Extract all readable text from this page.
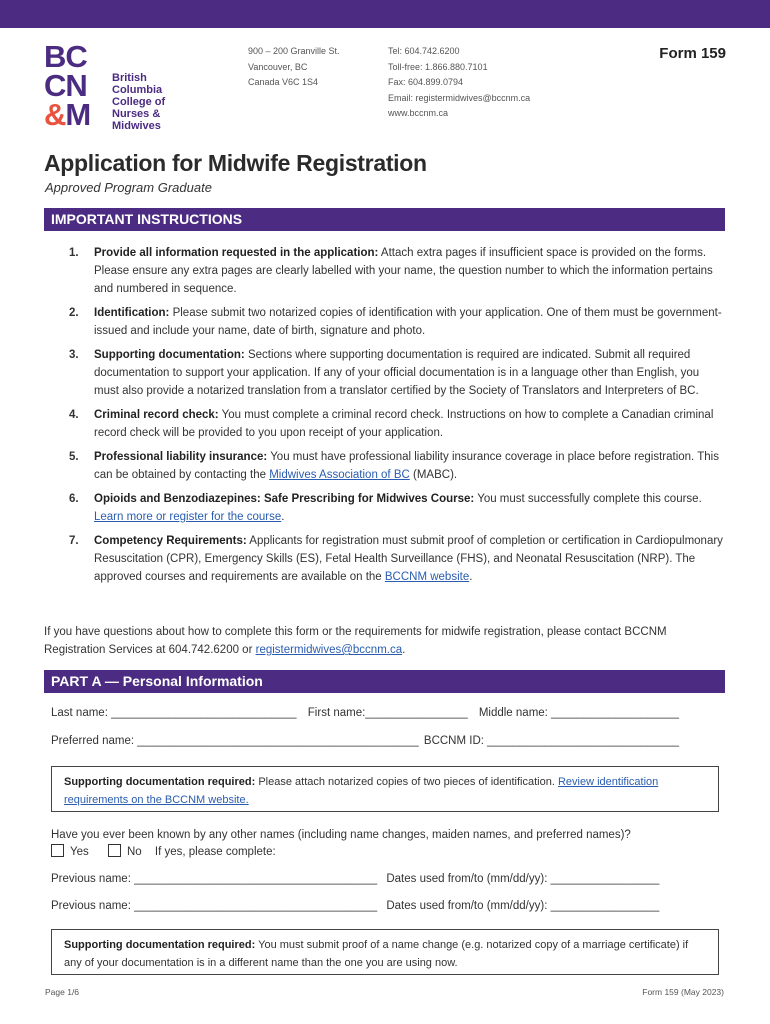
BC
CN
&M
British
Columbia
College of
Nurses &
Midwives
900 – 200 Granville St.
Vancouver, BC
Canada V6C 1S4
Tel: 604.742.6200
Toll-free: 1.866.880.7101
Fax: 604.899.0794
Email: registermidwives@bccnm.ca
www.bccnm.ca
Form 159
Application for Midwife Registration
Approved Program Graduate
IMPORTANT INSTRUCTIONS
1. Provide all information requested in the application: Attach extra pages if insufficient space is provided on the forms. Please ensure any extra pages are clearly labelled with your name, the question number to which the information pertains and numbered in sequence.
2. Identification: Please submit two notarized copies of identification with your application. One of them must be government-issued and include your name, date of birth, signature and photo.
3. Supporting documentation: Sections where supporting documentation is required are indicated. Submit all required documentation to support your application. If any of your official documentation is in a language other than English, you must also provide a notarized translation from a translator certified by the Society of Translators and Interpreters of BC.
4. Criminal record check: You must complete a criminal record check. Instructions on how to complete a Canadian criminal record check will be provided to you upon receipt of your application.
5. Professional liability insurance: You must have professional liability insurance coverage in place before registration. This can be obtained by contacting the Midwives Association of BC (MABC).
6. Opioids and Benzodiazepines: Safe Prescribing for Midwives Course: You must successfully complete this course. Learn more or register for the course.
7. Competency Requirements: Applicants for registration must submit proof of completion or certification in Cardiopulmonary Resuscitation (CPR), Emergency Skills (ES), Fetal Health Surveillance (FHS), and Neonatal Resuscitation (NRP). The approved courses and requirements are available on the BCCNM website.
If you have questions about how to complete this form or the requirements for midwife registration, please contact BCCNM Registration Services at 604.742.6200 or registermidwives@bccnm.ca.
PART A — Personal Information
Last name: _____________________________ First name:________________ Middle name: ____________________
Preferred name: ____________________________________________ BCCNM ID: ______________________________
Supporting documentation required: Please attach notarized copies of two pieces of identification. Review identification requirements on the BCCNM website.
Have you ever been known by any other names (including name changes, maiden names, and preferred names)?
Yes	No If yes, please complete:
Previous name: ______________________________________ Dates used from/to (mm/dd/yy): _________________
Previous name: ______________________________________ Dates used from/to (mm/dd/yy): _________________
Supporting documentation required: You must submit proof of a name change (e.g. notarized copy of a marriage certificate) if any of your documentation is in a different name than the one you are using now.
Page 1/6	Form 159 (May 2023)
